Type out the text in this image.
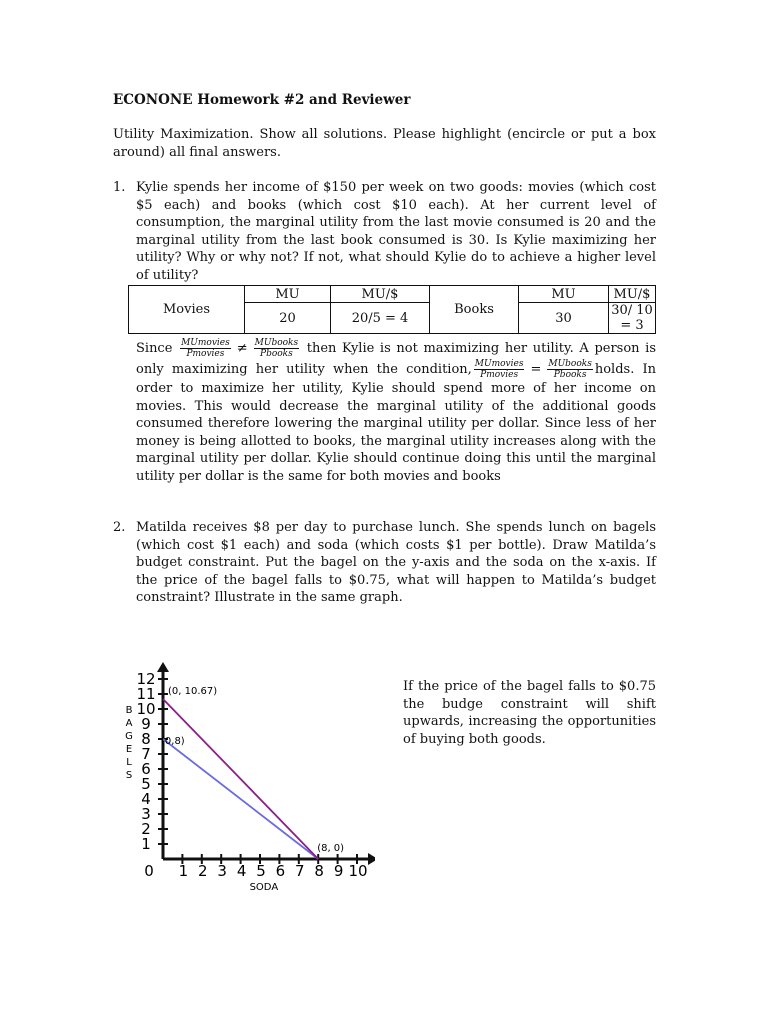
ECONONE Homework #2 and Reviewer
Utility Maximization. Show all solutions. Please highlight (encircle or put a box around) all final answers.
1. Kylie spends her income of $150 per week on two goods: movies (which cost $5 each) and books (which cost $10 each). At her current level of consumption, the marginal utility from the last movie consumed is 20 and the marginal utility from the last book consumed is 30. Is Kylie maximizing her utility? Why or why not? If not, what should Kylie do to achieve a higher level of utility?
Movies	MU	MU/$	Books	MU	MU/$
	20	20/5 = 4		30	30/ 10 = 3
Since $\frac{\text{MUmovies}}{\text{Pmovies}} \ne \frac{\text{MUbooks}}{\text{Pbooks}}$ then Kylie is not maximizing her utility. A person is only maximizing her utility when the condition, $\frac{\text{MUmovies}}{\text{Pmovies}} = \frac{\text{MUbooks}}{\text{Pbooks}}$ holds. In order to maximize her utility, Kylie should spend more of her income on movies. This would decrease the marginal utility of the additional goods consumed therefore lowering the marginal utility per dollar. Since less of her money is being allotted to books, the marginal utility increases along with the marginal utility per dollar. Kylie should continue doing this until the marginal utility per dollar is the same for both movies and books
2. Matilda receives $8 per day to purchase lunch. She spends lunch on bagels (which cost $1 each) and soda (which costs $1 per bottle). Draw Matilda’s budget constraint. Put the bagel on the y-axis and the soda on the x-axis. If the price of the bagel falls to $0.75, what will happen to Matilda’s budget constraint? Illustrate in the same graph.
0 1 2 3 4 5 6 7 8 9 10
1
2
3
4
5
6
7
8
9
10
11
12
SODA
B
A
G
E
L
S
(0, 10.67)
(0,8)
(8, 0)
If the price of the bagel falls to $0.75 the budge constraint will shift upwards, increasing the opportunities of buying both goods.
